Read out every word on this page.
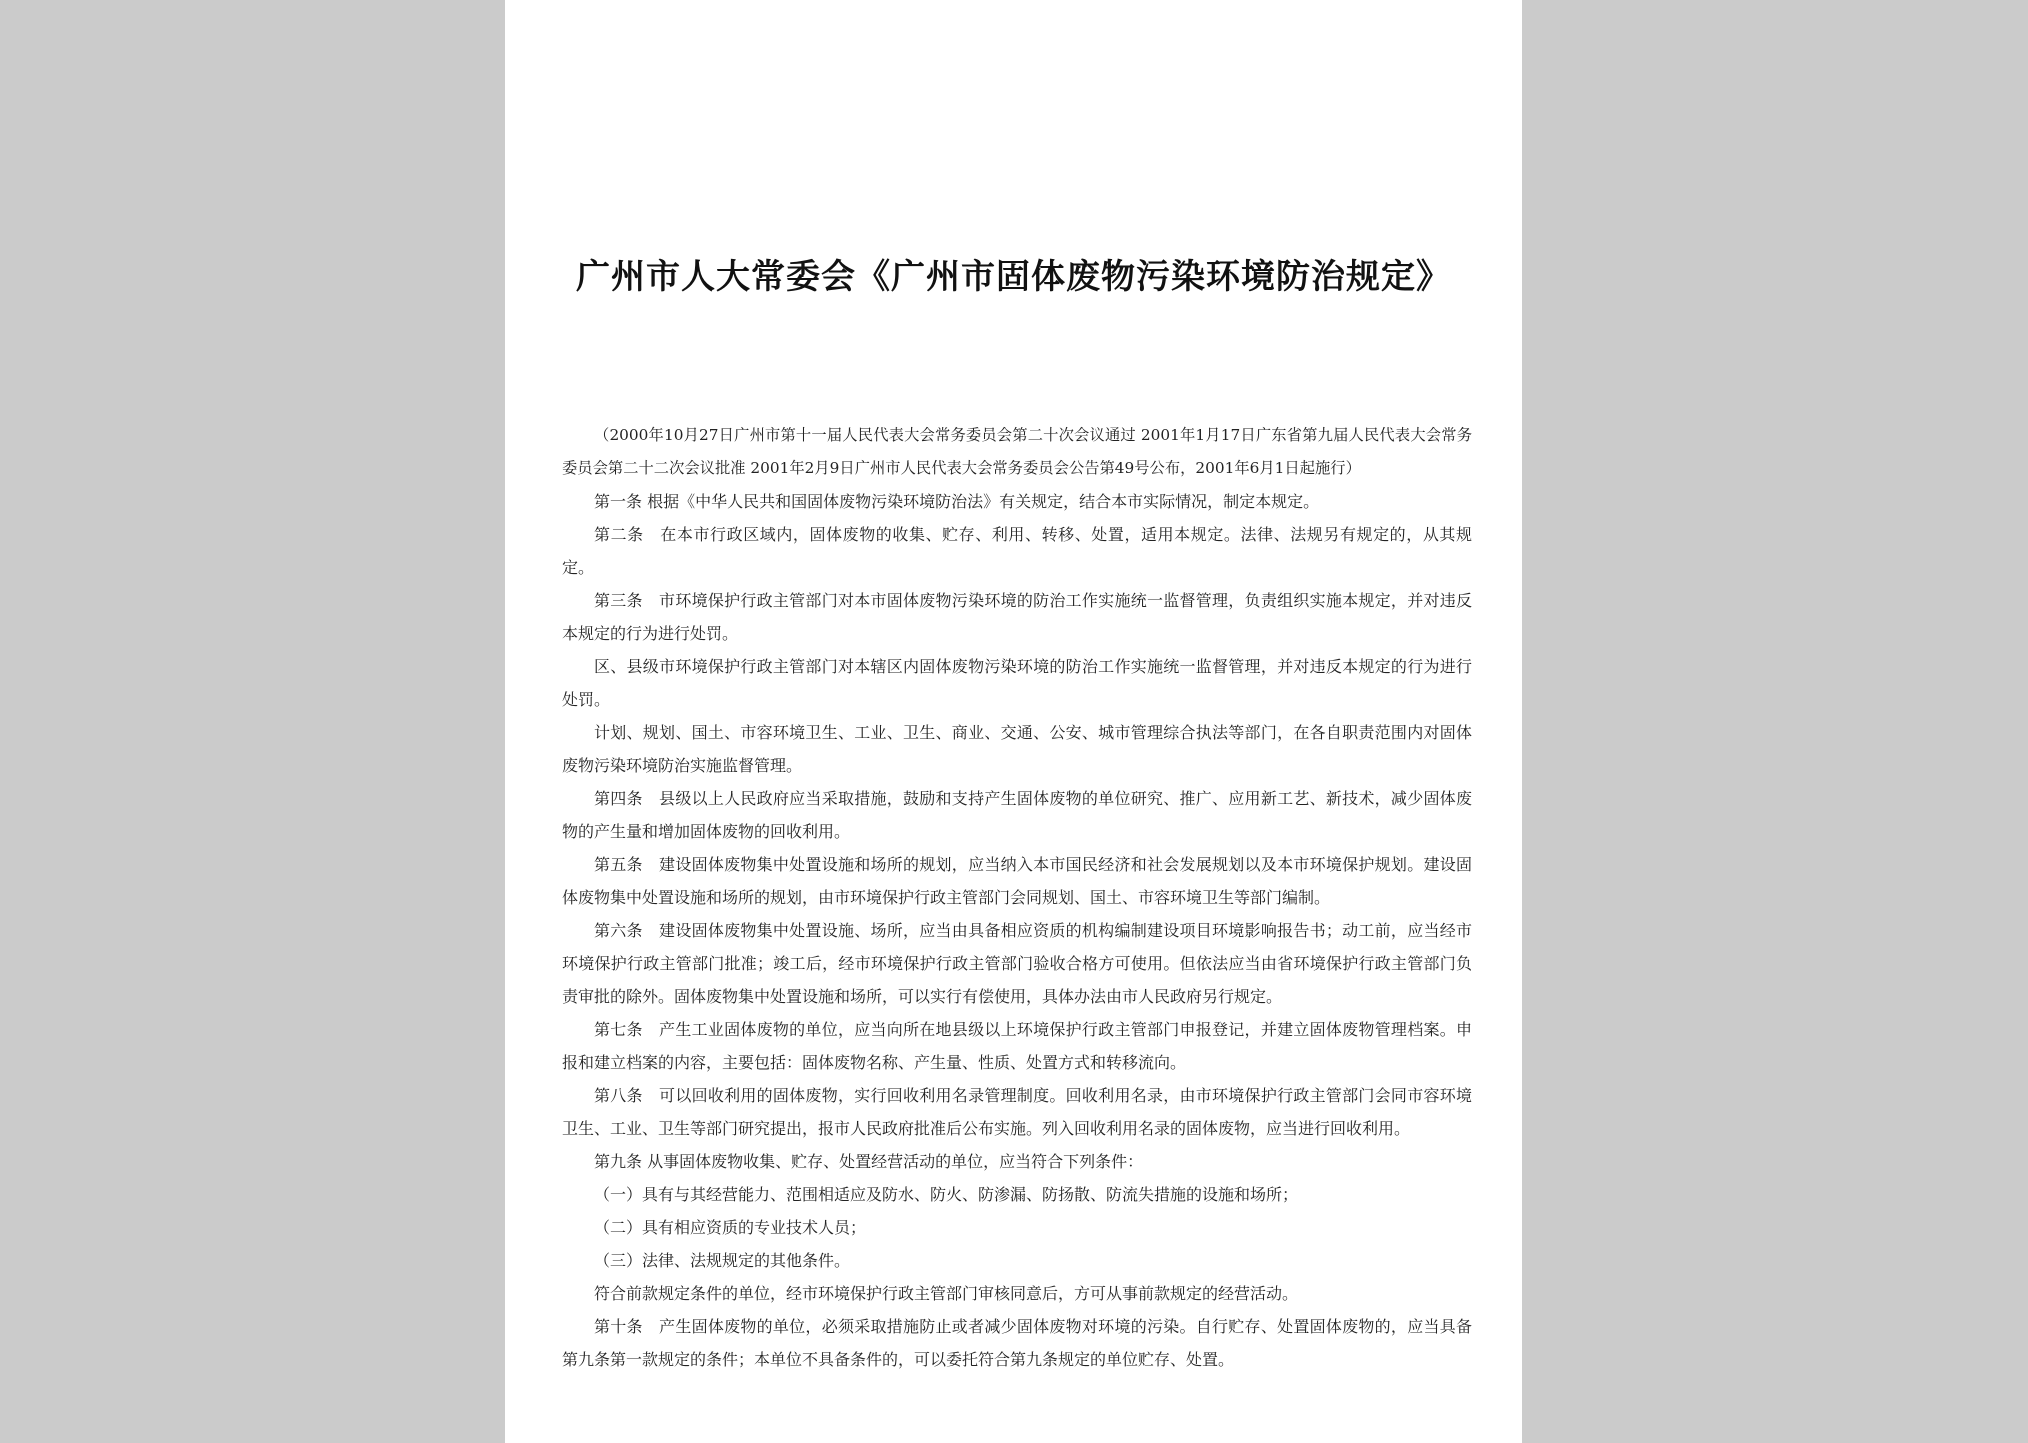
广州市人大常委会《广州市固体废物污染环境防治规定》

（2000年10月27日广州市第十一届人民代表大会常务委员会第二十次会议通过 2001年1月17日广东省第九届人民代表大会常务委员会第二十二次会议批准 2001年2月9日广州市人民代表大会常务委员会公告第49号公布，2001年6月1日起施行）

第一条 根据《中华人民共和国固体废物污染环境防治法》有关规定，结合本市实际情况，制定本规定。

第二条　在本市行政区域内，固体废物的收集、贮存、利用、转移、处置，适用本规定。法律、法规另有规定的，从其规定。

第三条　市环境保护行政主管部门对本市固体废物污染环境的防治工作实施统一监督管理，负责组织实施本规定，并对违反本规定的行为进行处罚。

区、县级市环境保护行政主管部门对本辖区内固体废物污染环境的防治工作实施统一监督管理，并对违反本规定的行为进行处罚。

计划、规划、国土、市容环境卫生、工业、卫生、商业、交通、公安、城市管理综合执法等部门，在各自职责范围内对固体废物污染环境防治实施监督管理。

第四条　县级以上人民政府应当采取措施，鼓励和支持产生固体废物的单位研究、推广、应用新工艺、新技术，减少固体废物的产生量和增加固体废物的回收利用。

第五条　建设固体废物集中处置设施和场所的规划，应当纳入本市国民经济和社会发展规划以及本市环境保护规划。建设固体废物集中处置设施和场所的规划，由市环境保护行政主管部门会同规划、国土、市容环境卫生等部门编制。

第六条　建设固体废物集中处置设施、场所，应当由具备相应资质的机构编制建设项目环境影响报告书；动工前，应当经市环境保护行政主管部门批准；竣工后，经市环境保护行政主管部门验收合格方可使用。但依法应当由省环境保护行政主管部门负责审批的除外。固体废物集中处置设施和场所，可以实行有偿使用，具体办法由市人民政府另行规定。

第七条　产生工业固体废物的单位，应当向所在地县级以上环境保护行政主管部门申报登记，并建立固体废物管理档案。申报和建立档案的内容，主要包括：固体废物名称、产生量、性质、处置方式和转移流向。

第八条　可以回收利用的固体废物，实行回收利用名录管理制度。回收利用名录，由市环境保护行政主管部门会同市容环境卫生、工业、卫生等部门研究提出，报市人民政府批准后公布实施。列入回收利用名录的固体废物，应当进行回收利用。

第九条 从事固体废物收集、贮存、处置经营活动的单位，应当符合下列条件：

（一）具有与其经营能力、范围相适应及防水、防火、防渗漏、防扬散、防流失措施的设施和场所；

（二）具有相应资质的专业技术人员；

（三）法律、法规规定的其他条件。

符合前款规定条件的单位，经市环境保护行政主管部门审核同意后，方可从事前款规定的经营活动。

第十条　产生固体废物的单位，必须采取措施防止或者减少固体废物对环境的污染。自行贮存、处置固体废物的，应当具备第九条第一款规定的条件；本单位不具备条件的，可以委托符合第九条规定的单位贮存、处置。
